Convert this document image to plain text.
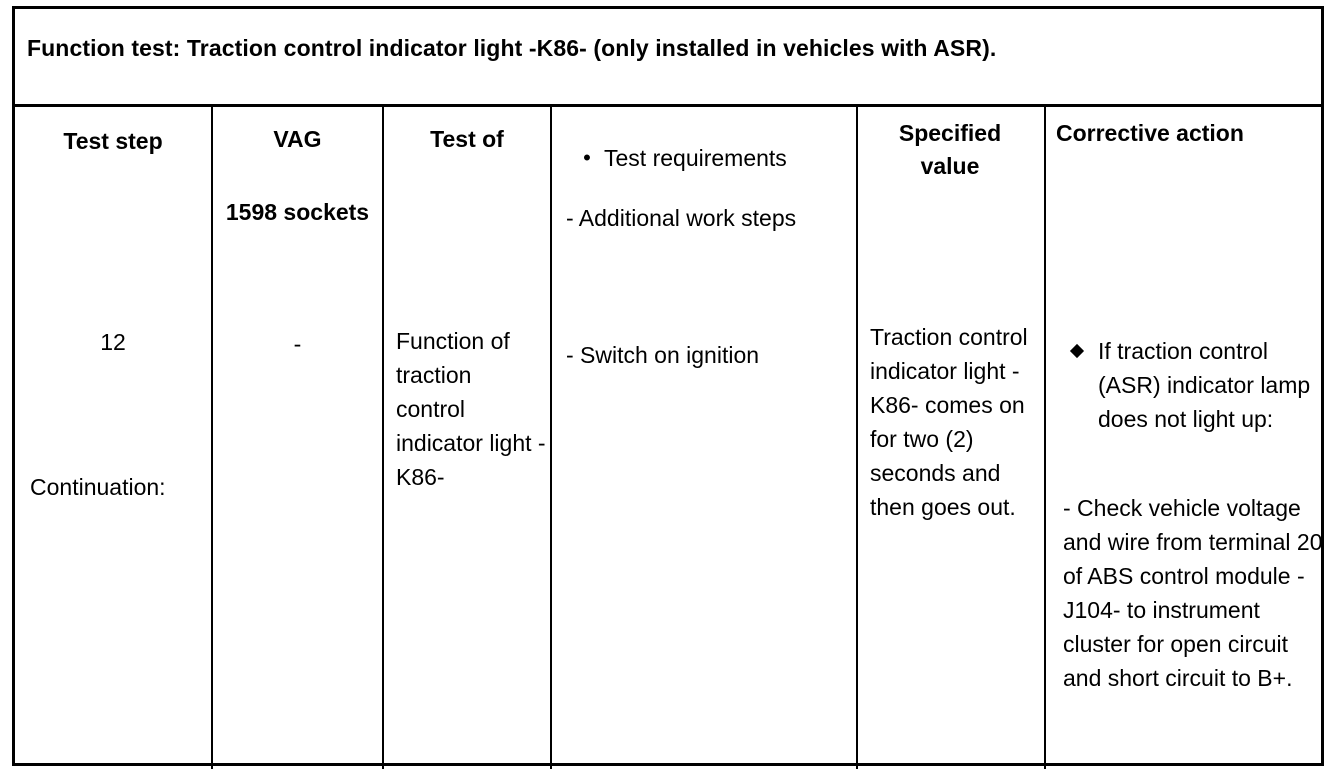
Function test: Traction control indicator light -K86- (only installed in vehicles with ASR).
Test step	VAG
1598 sockets
Test of
• Test requirements
- Additional work steps
Specified value
Corrective action
12
Continuation:
-	Function of traction control indicator light -K86-
- Switch on ignition
Traction control indicator light -K86- comes on for two (2) seconds and then goes out.
If traction control (ASR) indicator lamp does not light up:
- Check vehicle voltage and wire from terminal 20 of ABS control module -J104- to instrument cluster for open circuit and short circuit to B+.
